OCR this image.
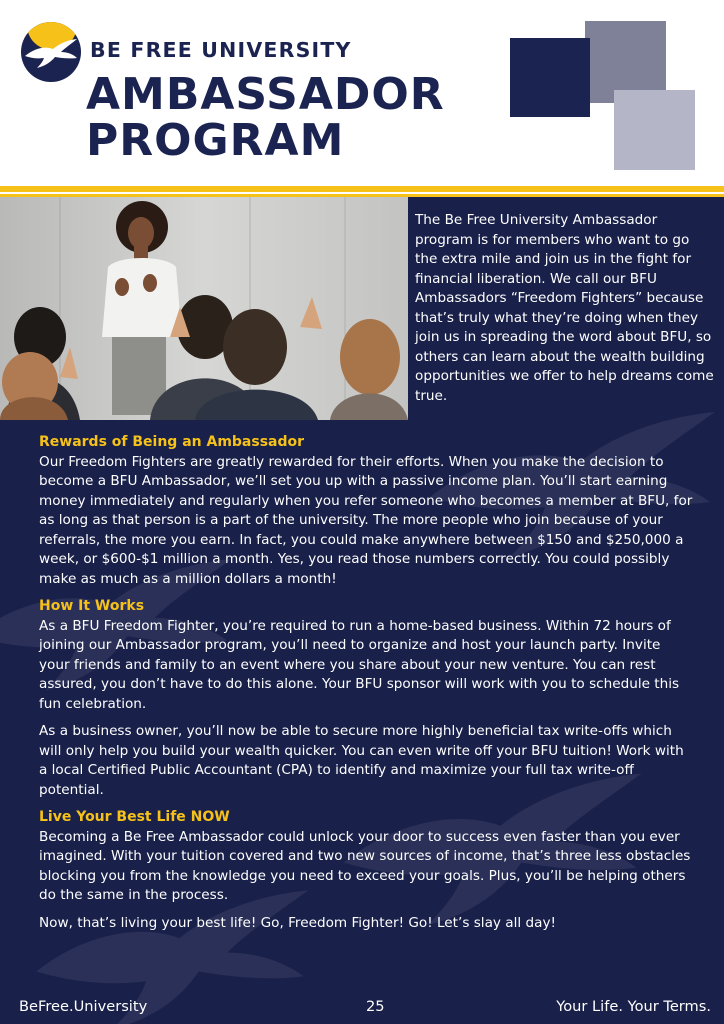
BE FREE UNIVERSITY
AMBASSADOR
PROGRAM
The Be Free University Ambassador program is for members who want to go the extra mile and join us in the fight for financial liberation. We call our BFU Ambassadors “Freedom Fighters” because that’s truly what they’re doing when they join us in spreading the word about BFU, so others can learn about the wealth building opportunities we offer to help dreams come true.
Rewards of Being an Ambassador

Our Freedom Fighters are greatly rewarded for their efforts. When you make the decision to become a BFU Ambassador, we’ll set you up with a passive income plan. You’ll start earning money immediately and regularly when you refer someone who becomes a member at BFU, for as long as that person is a part of the university. The more people who join because of your referrals, the more you earn. In fact, you could make anywhere between $150 and $250,000 a week, or $600-$1 million a month. Yes, you read those numbers correctly. You could possibly make as much as a million dollars a month!

How It Works

As a BFU Freedom Fighter, you’re required to run a home-based business. Within 72 hours of joining our Ambassador program, you’ll need to organize and host your launch party. Invite your friends and family to an event where you share about your new venture. You can rest assured, you don’t have to do this alone. Your BFU sponsor will work with you to schedule this fun celebration.

As a business owner, you’ll now be able to secure more highly beneficial tax write-offs which will only help you build your wealth quicker. You can even write off your BFU tuition! Work with a local Certified Public Accountant (CPA) to identify and maximize your full tax write-off potential.

Live Your Best Life NOW

Becoming a Be Free Ambassador could unlock your door to success even faster than you ever imagined. With your tuition covered and two new sources of income, that’s three less obstacles blocking you from the knowledge you need to exceed your goals. Plus, you’ll be helping others do the same in the process.

Now, that’s living your best life! Go, Freedom Fighter! Go! Let’s slay all day!

BeFree.University	25	Your Life. Your Terms.
